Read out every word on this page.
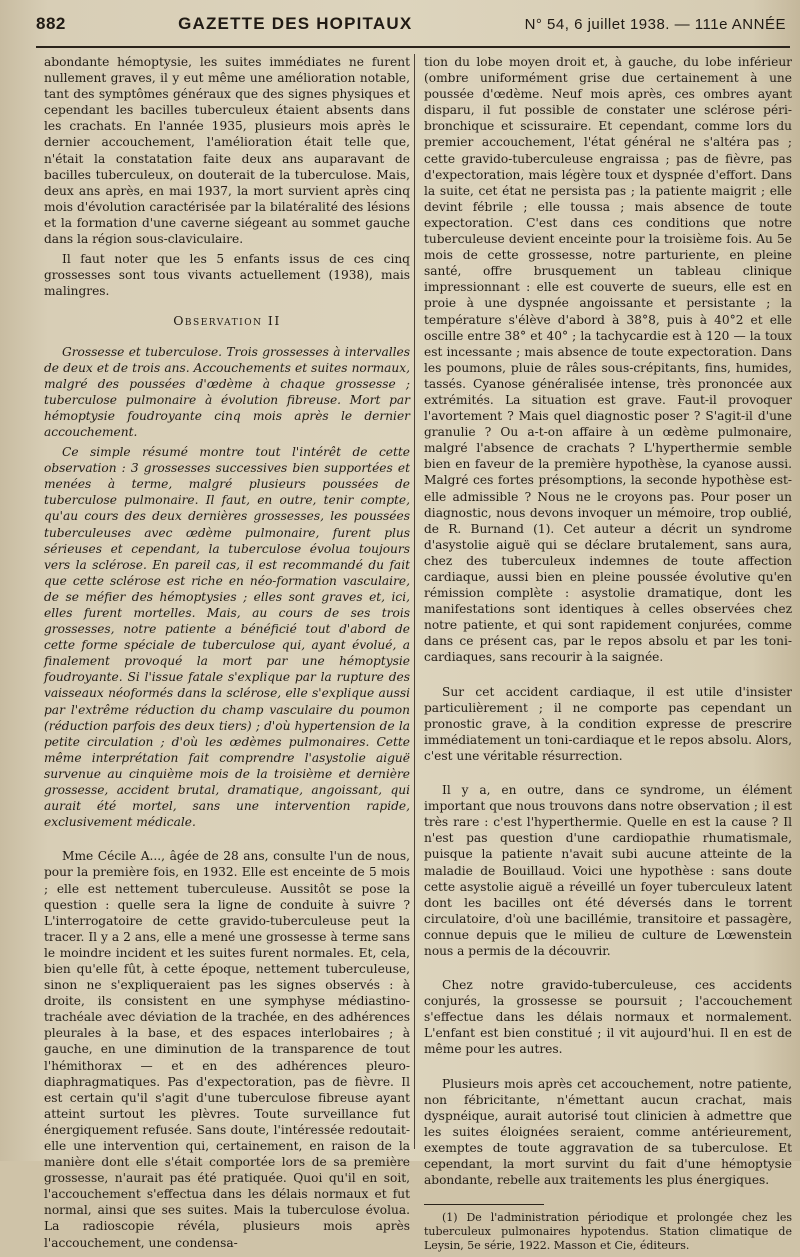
882	GAZETTE DES HOPITAUX	N° 54, 6 juillet 1938. — 111e ANNÉE

abondante hémoptysie, les suites immédiates ne furent nullement graves, il y eut même une amélioration notable, tant des symptômes généraux que des signes physiques et cependant les bacilles tuberculeux étaient absents dans les crachats. En l'année 1935, plusieurs mois après le dernier accouchement, l'amélioration était telle que, n'était la constatation faite deux ans auparavant de bacilles tuberculeux, on douterait de la tuberculose. Mais, deux ans après, en mai 1937, la mort survient après cinq mois d'évolution caractérisée par la bilatéralité des lésions et la formation d'une caverne siégeant au sommet gauche dans la région sous-claviculaire.

Il faut noter que les 5 enfants issus de ces cinq grossesses sont tous vivants actuellement (1938), mais malingres.

Observation II

Grossesse et tuberculose. Trois grossesses à intervalles de deux et de trois ans. Accouchements et suites normaux, malgré des poussées d'œdème à chaque grossesse ; tuberculose pulmonaire à évolution fibreuse. Mort par hémoptysie foudroyante cinq mois après le dernier accouchement.

Ce simple résumé montre tout l'intérêt de cette observation : 3 grossesses successives bien supportées et menées à terme, malgré plusieurs poussées de tuberculose pulmonaire. Il faut, en outre, tenir compte, qu'au cours des deux dernières grossesses, les poussées tuberculeuses avec œdème pulmonaire, furent plus sérieuses et cependant, la tuberculose évolua toujours vers la sclérose. En pareil cas, il est recommandé du fait que cette sclérose est riche en néo-formation vasculaire, de se méfier des hémoptysies ; elles sont graves et, ici, elles furent mortelles. Mais, au cours de ses trois grossesses, notre patiente a bénéficié tout d'abord de cette forme spéciale de tuberculose qui, ayant évolué, a finalement provoqué la mort par une hémoptysie foudroyante. Si l'issue fatale s'explique par la rupture des vaisseaux néoformés dans la sclérose, elle s'explique aussi par l'extrême réduction du champ vasculaire du poumon (réduction parfois des deux tiers) ; d'où hypertension de la petite circulation ; d'où les œdèmes pulmonaires. Cette même interprétation fait comprendre l'asystolie aiguë survenue au cinquième mois de la troisième et dernière grossesse, accident brutal, dramatique, angoissant, qui aurait été mortel, sans une intervention rapide, exclusivement médicale.

Mme Cécile A..., âgée de 28 ans, consulte l'un de nous, pour la première fois, en 1932. Elle est enceinte de 5 mois ; elle est nettement tuberculeuse. Aussitôt se pose la question : quelle sera la ligne de conduite à suivre ? L'interrogatoire de cette gravido-tuberculeuse peut la tracer. Il y a 2 ans, elle a mené une grossesse à terme sans le moindre incident et les suites furent normales. Et, cela, bien qu'elle fût, à cette époque, nettement tuberculeuse, sinon ne s'expliqueraient pas les signes observés : à droite, ils consistent en une symphyse médiastino-trachéale avec déviation de la trachée, en des adhérences pleurales à la base, et des espaces interlobaires ; à gauche, en une diminution de la transparence de tout l'hémithorax — et en des adhérences pleuro-diaphragmatiques. Pas d'expectoration, pas de fièvre. Il est certain qu'il s'agit d'une tuberculose fibreuse ayant atteint surtout les plèvres. Toute surveillance fut énergiquement refusée. Sans doute, l'intéressée redoutait-elle une intervention qui, certainement, en raison de la manière dont elle s'était comportée lors de sa première grossesse, n'aurait pas été pratiquée. Quoi qu'il en soit, l'accouchement s'effectua dans les délais normaux et fut normal, ainsi que ses suites. Mais la tuberculose évolua. La radioscopie révéla, plusieurs mois après l'accouchement, une condensa-

tion du lobe moyen droit et, à gauche, du lobe inférieur (ombre uniformément grise due certainement à une poussée d'œdème. Neuf mois après, ces ombres ayant disparu, il fut possible de constater une sclérose péri-bronchique et scissuraire. Et cependant, comme lors du premier accouchement, l'état général ne s'altéra pas ; cette gravido-tuberculeuse engraissa ; pas de fièvre, pas d'expectoration, mais légère toux et dyspnée d'effort. Dans la suite, cet état ne persista pas ; la patiente maigrit ; elle devint fébrile ; elle toussa ; mais absence de toute expectoration. C'est dans ces conditions que notre tuberculeuse devient enceinte pour la troisième fois. Au 5e mois de cette grossesse, notre parturiente, en pleine santé, offre brusquement un tableau clinique impressionnant : elle est couverte de sueurs, elle est en proie à une dyspnée angoissante et persistante ; la température s'élève d'abord à 38°8, puis à 40°2 et elle oscille entre 38° et 40° ; la tachycardie est à 120 — la toux est incessante ; mais absence de toute expectoration. Dans les poumons, pluie de râles sous-crépitants, fins, humides, tassés. Cyanose généralisée intense, très prononcée aux extrémités. La situation est grave. Faut-il provoquer l'avortement ? Mais quel diagnostic poser ? S'agit-il d'une granulie ? Ou a-t-on affaire à un œdème pulmonaire, malgré l'absence de crachats ? L'hyperthermie semble bien en faveur de la première hypothèse, la cyanose aussi. Malgré ces fortes présomptions, la seconde hypothèse est-elle admissible ? Nous ne le croyons pas. Pour poser un diagnostic, nous devons invoquer un mémoire, trop oublié, de R. Burnand (1). Cet auteur a décrit un syndrome d'asystolie aiguë qui se déclare brutalement, sans aura, chez des tuberculeux indemnes de toute affection cardiaque, aussi bien en pleine poussée évolutive qu'en rémission complète : asystolie dramatique, dont les manifestations sont identiques à celles observées chez notre patiente, et qui sont rapidement conjurées, comme dans ce présent cas, par le repos absolu et par les toni-cardiaques, sans recourir à la saignée.

Sur cet accident cardiaque, il est utile d'insister particulièrement ; il ne comporte pas cependant un pronostic grave, à la condition expresse de prescrire immédiatement un toni-cardiaque et le repos absolu. Alors, c'est une véritable résurrection.

Il y a, en outre, dans ce syndrome, un élément important que nous trouvons dans notre observation ; il est très rare : c'est l'hyperthermie. Quelle en est la cause ? Il n'est pas question d'une cardiopathie rhumatismale, puisque la patiente n'avait subi aucune atteinte de la maladie de Bouillaud. Voici une hypothèse : sans doute cette asystolie aiguë a réveillé un foyer tuberculeux latent dont les bacilles ont été déversés dans le torrent circulatoire, d'où une bacillémie, transitoire et passagère, connue depuis que le milieu de culture de Lœwenstein nous a permis de la découvrir.

Chez notre gravido-tuberculeuse, ces accidents conjurés, la grossesse se poursuit ; l'accouchement s'effectue dans les délais normaux et normalement. L'enfant est bien constitué ; il vit aujourd'hui. Il en est de même pour les autres.

Plusieurs mois après cet accouchement, notre patiente, non fébricitante, n'émettant aucun crachat, mais dyspnéique, aurait autorisé tout clinicien à admettre que les suites éloignées seraient, comme antérieurement, exemptes de toute aggravation de sa tuberculose. Et cependant, la mort survint du fait d'une hémoptysie abondante, rebelle aux traitements les plus énergiques.

(1) De l'administration périodique et prolongée chez les tuberculeux pulmonaires hypotendus. Station climatique de Leysin, 5e série, 1922. Masson et Cie, éditeurs.
